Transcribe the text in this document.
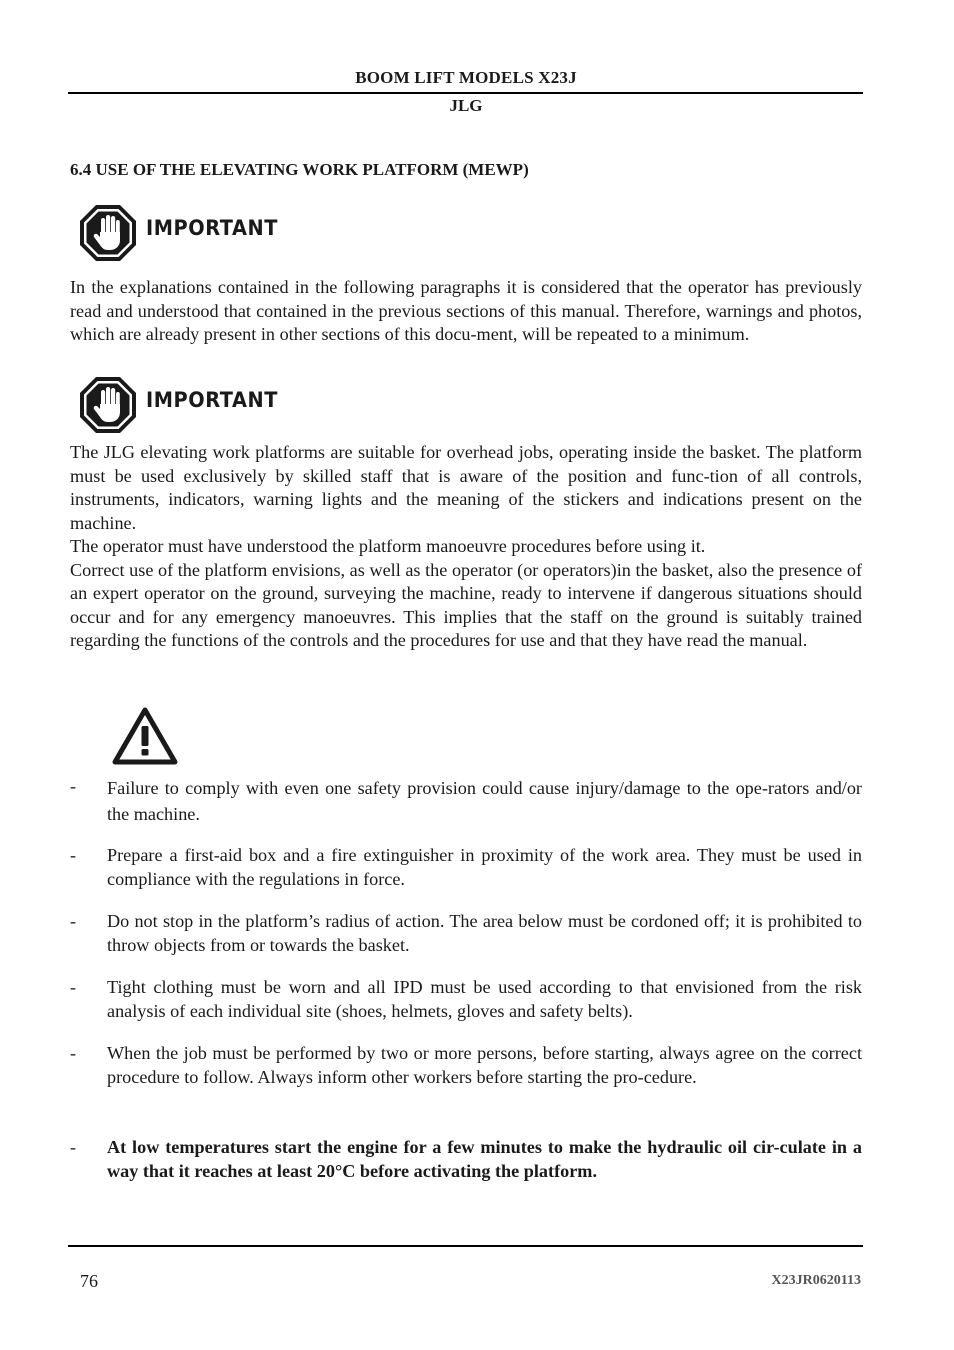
BOOM LIFT MODELS X23J
JLG
6.4 USE OF THE ELEVATING WORK PLATFORM (MEWP)
IMPORTANT
In the explanations contained in the following paragraphs it is considered that the operator has previously read and understood that contained in the previous sections of this manual. Therefore, warnings and photos, which are already present in other sections of this docu-ment, will be repeated to a minimum.
IMPORTANT

The JLG elevating work platforms are suitable for overhead jobs, operating inside the basket. The platform must be used exclusively by skilled staff that is aware of the position and func-tion of all controls, instruments, indicators, warning lights and the meaning of the stickers and indications present on the machine.

The operator must have understood the platform manoeuvre procedures before using it.

Correct use of the platform envisions, as well as the operator (or operators)in the basket, also the presence of an expert operator on the ground, surveying the machine, ready to intervene if dangerous situations should occur and for any emergency manoeuvres. This implies that the staff on the ground is suitably trained regarding the functions of the controls and the procedures for use and that they have read the manual.

- Failure to comply with even one safety provision could cause injury/damage to the ope-rators and/or the machine.
- Prepare a first-aid box and a fire extinguisher in proximity of the work area. They must be used in compliance with the regulations in force.
- Do not stop in the platform’s radius of action. The area below must be cordoned off; it is prohibited to throw objects from or towards the basket.
- Tight clothing must be worn and all IPD must be used according to that envisioned from the risk analysis of each individual site (shoes, helmets, gloves and safety belts).
- When the job must be performed by two or more persons, before starting, always agree on the correct procedure to follow. Always inform other workers before starting the pro-cedure.
- At low temperatures start the engine for a few minutes to make the hydraulic oil cir-culate in a way that it reaches at least 20°C before activating the platform.
76	X23JR0620113
